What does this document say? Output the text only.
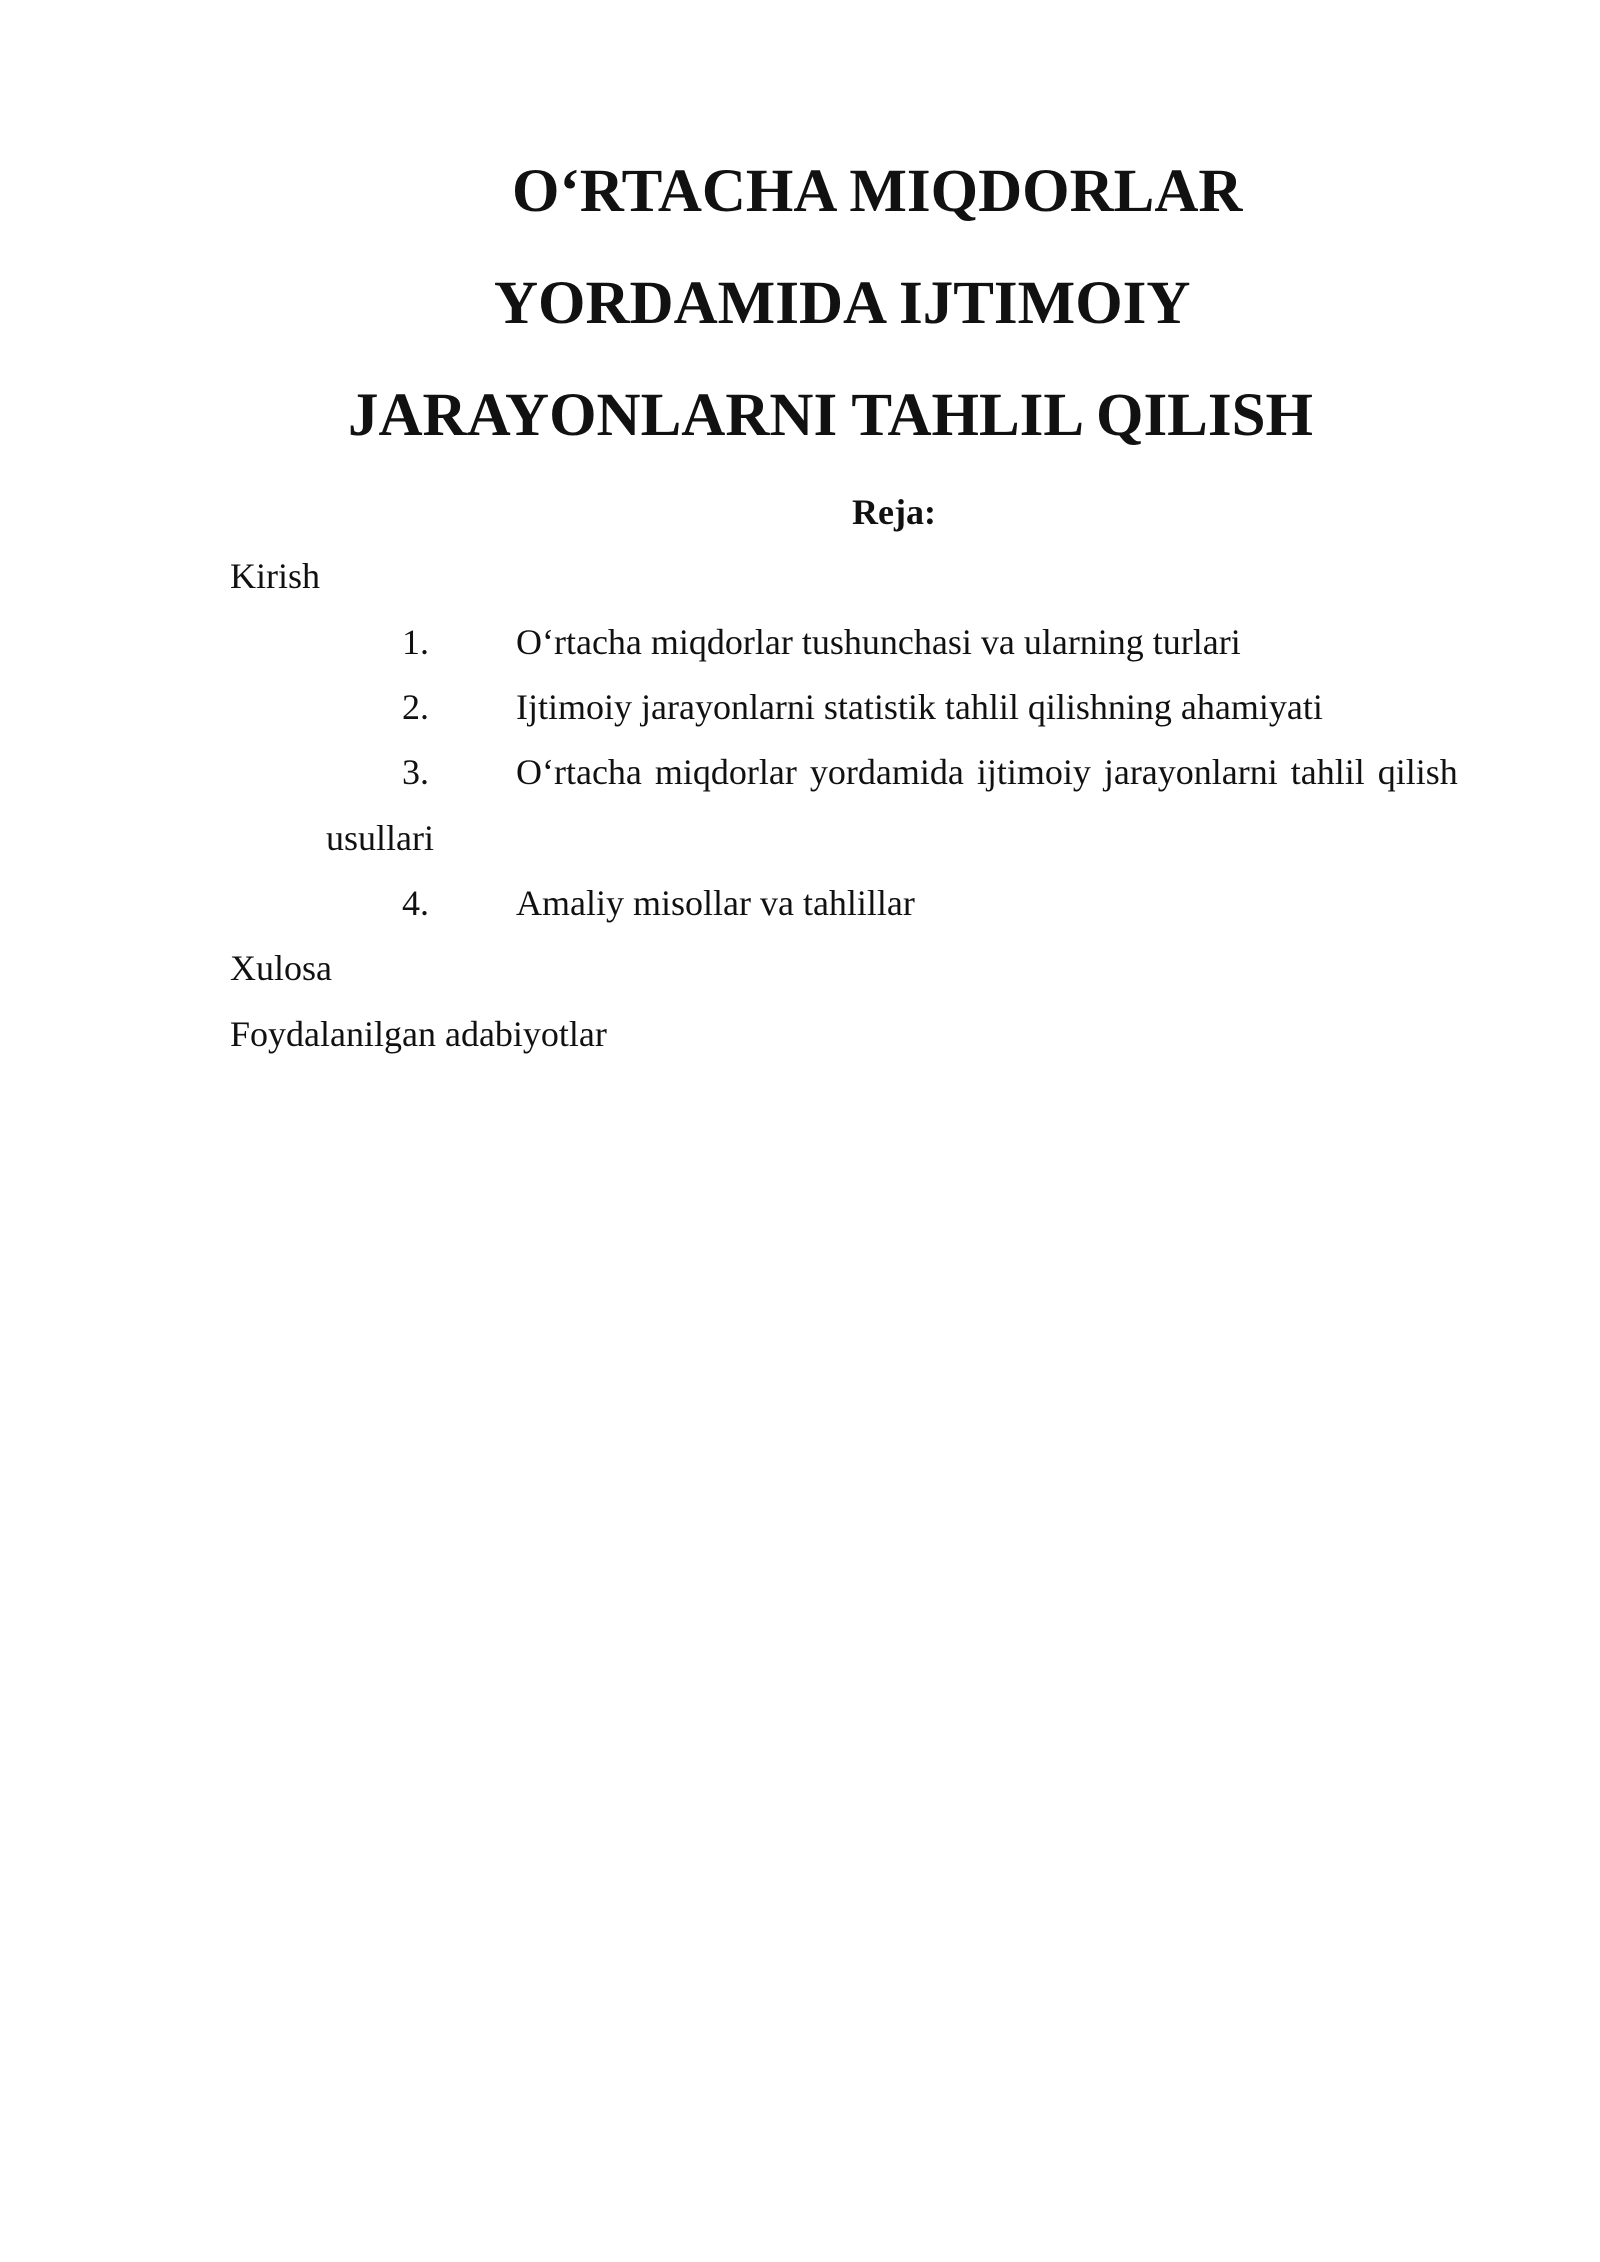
O‘RTACHA MIQDORLAR
YORDAMIDA IJTIMOIY
JARAYONLARNI TAHLIL QILISH

Reja:

Kirish

1. O‘rtacha miqdorlar tushunchasi va ularning turlari
2. Ijtimoiy jarayonlarni statistik tahlil qilishning ahamiyati
3. O‘rtacha miqdorlar yordamida ijtimoiy jarayonlarni tahlil qilish
usullari
4. Amaliy misollar va tahlillar

Xulosa

Foydalanilgan adabiyotlar
